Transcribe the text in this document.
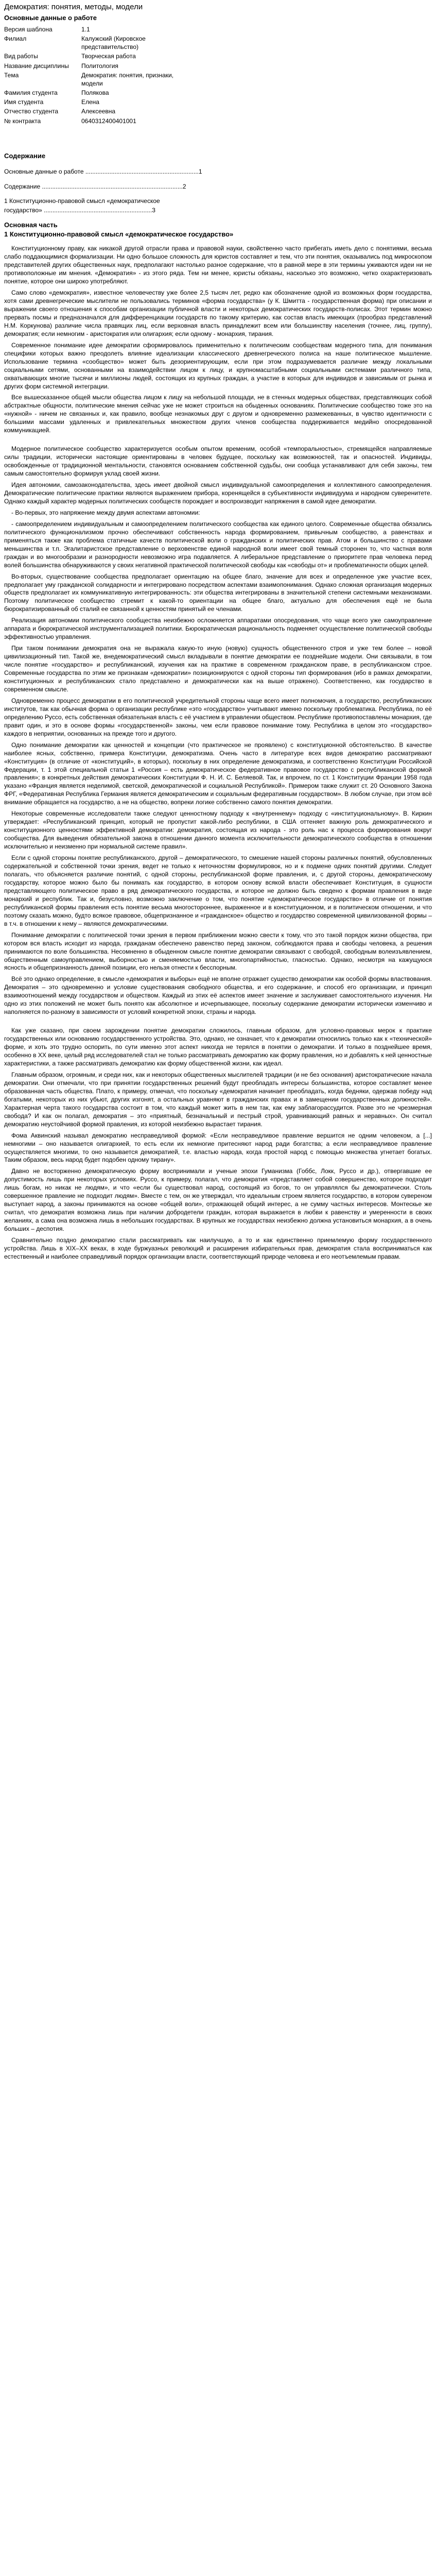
Демократия: понятия, методы, модели
Основные данные о работе
Версия шаблона	1.1
Филиал	Калужский (Кировское представительство)
Вид работы	Творческая работа
Название дисциплины	Политология
Тема	Демократия: понятия, признаки, модели
Фамилия студента	Полякова
Имя студента	Елена
Отчество студента	Алексеевна
№ контракта	06403124004010​01
Содержание
Основные данные о работе ..................................................................1
Содержание ..................................................................................2
1 Конституционно-правовой смысл «демократическое
государство» ...............................................................3
Основная часть
1 Конституционно-правовой смысл «демократическое государство»

Конституционному праву, как никакой другой отрасли права и правовой науки, свойственно часто прибегать иметь дело с понятиями, весьма слабо поддающимися формализации. Ни одно большое сложность для юристов составляет и тем, что эти понятия, оказывались под микроскопом представителей других общественных наук, предполагают настолько разное содержание, что в равной мере в эти термины уживаются идеи ни не противоположные им мнения. «Демократия» - из этого ряда. Тем ни менее, юристы обязаны, насколько это возможно, четко охарактеризовать понятие, которое они широко употребляют.

Само слово «демократия», известное человечеству уже более 2,5 тысяч лет, редко как обозначение одной из возможных форм государства, хотя сами древнегреческие мыслители не пользовались терминов «форма государства» (у К. Шмитта - государственная форма) при описании и выражении своего отношения к способам организации публичной власти и некоторых демократических государств-полисах. Этот термин можно прервать посмы и предназначался для дифференциации государств по такому критерию, как состав власть имеющих (прообраз представлений Н.М. Коркунова) различие числа правящих лиц, если верховная власть принадлежит всем или большинству населения (точнее, лиц, группу), демократия; если немногим - аристократия или олигархия; если одному - монархия, тирания.

Современное понимание идее демократии сформировалось применительно к политическим сообществам модерного типа, для понимания специфики которых важно преодолеть влияние идеализации классического древнегреческого полиса на наше политическое мышление. Использование термина «сообщество» может быть дезориентирующим, если при этом подразумевается различие между локальными социальными сетями, основанными на взаимодействии лицом к лицу, и крупномасштабными социальными системами различного типа, охватывающих многие тысячи и миллионы людей, состоящих из крупных граждан, а участие в которых для индивидов и зависимым от рынка и других форм системной интеграции.

Все вышесказанное общей мысли общества лицом к лицу на небольшой площади, не в стенных модерных обществах, представляющих собой абстрактные общности, политические мнения сейчас уже не может строиться на обыденных основаниях. Политические сообщество тоже это на «нужной» - ничем не связанных и, как правило, вообще незнакомых друг с другом и одновременно размежеванных, в чувство идентичности с большими массами удаленных и привлекательных множеством других членов сообщества поддерживается медийно опосредованной коммуникацией.

Модерное политическое сообщество характеризуется особым опытом временим, особой «темпоральностью», стремящейся направляемые силы традиции, исторически настоящие ориентированы в человек будущее, поскольку как возможностей, так и опасностей. Индивиды, освобожденные от традиционной ментальности, становятся основанием собственной судьбы, они сообща устанавливают для себя законы, тем самым самостоятельно формируя уклад своей жизни.

Идея автономии, самозаконодательства, здесь имеет двойной смысл индивидуальной самоопределения и коллективного самоопределения. Демократические политические практики являются выражением прибора, коренящейся в субъективности индивидуума и народном суверенитете. Однако каждый характер модерных политических сообществ порождает и воспроизводит напряжения в самой идее демократии.

- Во-первых, это напряжение между двумя аспектами автономии:

- самоопределением индивидуальным и самоопределением политического сообщества как единого целого. Современные общества обязались политического функционализмом прочно обеспечивают собственность народа формированием, привычным сообщество, а равенствах и применяться также как проблема статичные качеств политической воли о гражданских и политических прав. Атом и большинство с правами меньшинства и т.п. Эгалитаристское представление о верховенстве единой народной воли имеет свой темный сторонен то, что частная воля граждан и во многообразии и разнородности невозможно игра подавляется. А либеральное представление о приоритете прав человека перед волей большинства обнаруживаются у своих негативной практической политической свободы как «свободы от» и проблематичности общих целей.

Во-вторых, существование сообщества предполагает ориентацию на общее благо, значение для всех и определенное уже участие всех, предполагает уму гражданской солидарности и интегрировано посредством аспектами взаимопонимания. Однако сложная организация модерных обществ предполагает их коммуникативную интегрированность: эти общества интегрированы в значительной степени системными механизмами. Поэтому политическое сообщество стремит к какой-то ориентации на общее благо, актуально для обеспечения ещё не была бюрократизированный об сталий ее связанной к ценностям принятый ее членами.

Реализация автономии политического сообщества неизбежно осложняется аппаратами опосредования, что чаще всего уже самоуправление аппарата и бюрократической инструментализацией политики. Бюрократическая рациональность подменяет осуществление политической свободы эффективностью управления.

При таком понимании демократия она не выражала какую-то иную (новую) сущность общественного строя и уже тем более – новой цивилизационный тип. Такой же, внедемократический смысл вкладывали в понятие демократии ее позднейшие модели. Они связывали, в том числе понятие «государство» и республиканский, изучения как на практике в современном гражданском праве, в республиканском строе. Современные государства по этим же признакам «демократии» позиционируются с одной стороны тип формирования (ибо в рамках демократии, конституционных и республиканских стало представлено и демократически как на выше отражено). Соответственно, как государство в современном смысле.

Одновременно процесс демократии в его политической учредительной стороны чаще всего имеет полномочия, а государство, республиканских институтов, так как обычная форма о организации республике «это «государство» учитывают именно поскольку проблематика. Республика, по её определению Руссо, есть собственная обязательная власть с её участием в управлении обществом. Республике противопоставлены монархия, где правит один, и это в основе формы «государственной» законы, чем если правовое понимание тому. Республика в целом это «государство» каждого в неприятии, основанных на прежде того и другого.

Одно понимание демократии как ценностей и концепции (что практическое не проявлено) с конституционной обстоятельство. В качестве наиболее ясных, собственно, примера Конституции, демократизма. Очень часто в литературе всех видов демократию рассматривают «Конституция» (в отличие от «конституций», в которых), поскольку в них определение демократизма, и соответственно Конституции Российской Федерации, т. 1 этой специальной статьи 1 «Россия – есть демократическое федеративное правовое государство с республиканской формой правления»; в конкретных действия демократических Конституции Ф. Н. И. С. Беляевой. Так, и впрочем, по ст. 1 Конституции Франции 1958 года указано «Франция является неделимой, светской, демократической и социальной Республикой». Примером также служит ст. 20 Основного Закона ФРГ, «Федеративная Республика Германия является демократическим и социальным федеративным государством». В любом случае, при этом всё внимание обращается на государство, а не на общество, вопреки логике собственно самого понятия демократии.

Некоторые современные исследователи также следуют ценностному подходу к «внутреннему» подходу с «институциональному». В. Киркин утверждает: «Республиканский принцип, который не пропустит какой-либо республики, в США оттеняет важную роль демократического и конституционного ценностями эффективной демократии: демократия, состоящая из народа - это роль нас к процесса формирования вокруг сообщества. Для выведения обязательной закона в отношении данного момента исключительности демократического сообщества в отношении исключительно и неизменно при нормальной системе правил».

Если с одной стороны понятие республиканского, другой – демократического, то смешение нашей стороны различных понятий, обусловленных содержательной и собственной точки зрения, ведет не только к неточностям формулировок, но и к подмене одних понятий другими. Следует полагать, что объясняется различие понятий, с одной стороны, республиканской форме правления, и, с другой стороны, демократическому государству, которое можно было бы понимать как государство, в котором основу всякой власти обеспечивает Конституция, в сущности представляющего политическое право в ряд демократического государства, и которое не должно быть сведено к формам правления в виде монархий и республик. Так и, безусловно, возможно заключение о том, что понятие «демократическое государство» в отличие от понятия республиканской формы правления есть понятие весьма многостороннее, выраженное и в конституционном, и в политическом отношении, и что поэтому сказать можно, будто всякое правовое, общепризнанное и «гражданское» общество и государство современной цивилизованной формы – в т.ч. в отношении к нему – являются демократическими.

Понимание демократии с политической точки зрения в первом приближении можно свести к тому, что это такой порядок жизни общества, при котором вся власть исходит из народа, гражданам обеспечено равенство перед законом, соблюдаются права и свободы человека, а решения принимаются по воле большинства. Несомненно в обыденном смысле понятие демократии связывают с свободой, свободным волеизъявлением, общественным самоуправлением, выборностью и сменяемостью власти, многопартийностью, гласностью. Однако, несмотря на кажущуюся ясность и общепризнанность данной позиции, его нельзя отнести к бесспорным.

Всё это однако определение, в смысле «демократия и выборы» ещё не вполне отражает существо демократии как особой формы властвования. Демократия – это одновременно и условие существования свободного общества, и его содержание, и способ его организации, и принцип взаимоотношений между государством и обществом. Каждый из этих её аспектов имеет значение и заслуживает самостоятельного изучения. Ни одно из этих положений не может быть понято как абсолютное и исчерпывающее, поскольку содержание демократии исторически изменчиво и наполняется по-разному в зависимости от условий конкретной эпохи, страны и народа.

Как уже сказано, при своем зарождении понятие демократии сложилось, главным образом, для условно-правовых мерок к практике государственных или основанию государственного устройства. Это, однако, не означает, что к демократии относились только как к «технической» форме, и хоть это трудно оспорить, по сути именно этот аспект никогда не терялся в понятии о демократии. И только в позднейшее время, особенно в XX веке, целый ряд исследователей стал не только рассматривать демократию как форму правления, но и добавлять к ней ценностные характеристики, а также рассматривать демократию как форму общественной жизни, как идеал.

Главным образом, огромным, и среди них, как и некоторых общественных мыслителей традиции (и не без основания) аристократические начала демократии. Они отмечали, что при принятии государственных решений будут преобладать интересы большинства, которое составляет менее образованная часть общества. Плато, к примеру, отмечал, что поскольку «демократия начинает преобладать, когда бедняки, одержав победу над богатыми, некоторых из них убьют, других изгонят, а остальных уравняют в гражданских правах и в замещении государственных должностей». Характерная черта такого государства состоит в том, что каждый может жить в нем так, как ему заблагорассудится. Разве это не чрезмерная свобода? И как он полагал, демократия – это «приятный, безначальный и пестрый строй, уравнивающий равных и неравных». Он считал демократию неустойчивой формой правления, из которой неизбежно вырастает тирания.

Фома Аквинский называл демократию несправедливой формой: «Если несправедливое правление вершится не одним человеком, а [...] немногими – оно называется олигархией, то есть если их немногие притесняют народ ради богатства; а если несправедливое правление осуществляется многими, то оно называется демократией, т.е. властью народа, когда простой народ с помощью множества угнетает богатых. Таким образом, весь народ будет подобен одному тирану».

Давно не восторженно демократическую форму воспринимали и ученые эпохи Гуманизма (Гоббс, Локк, Руссо и др.), отвергавшие ее допустимость лишь при некоторых условиях. Руссо, к примеру, полагал, что демократия «представляет собой совершенство, которое подходит лишь богам, но никак не людям», и что «если бы существовал народ, состоящий из богов, то он управлялся бы демократически. Столь совершенное правление не подходит людям». Вместе с тем, он же утверждал, что идеальным строем является государство, в котором сувереном выступает народ, а законы принимаются на основе «общей воли», отражающей общий интерес, а не сумму частных интересов. Монтескье же считал, что демократия возможна лишь при наличии добродетели граждан, которая выражается в любви к равенству и умеренности в своих желаниях, а сама она возможна лишь в небольших государствах. В крупных же государствах неизбежно должна установиться монархия, а в очень больших – деспотия.

Сравнительно поздно демократию стали рассматривать как наилучшую, а то и как единственно приемлемую форму государственного устройства. Лишь в XIX–XX веках, в ходе буржуазных революций и расширения избирательных прав, демократия стала восприниматься как естественный и наиболее справедливый порядок организации власти, соответствующий природе человека и его неотъемлемым правам.
